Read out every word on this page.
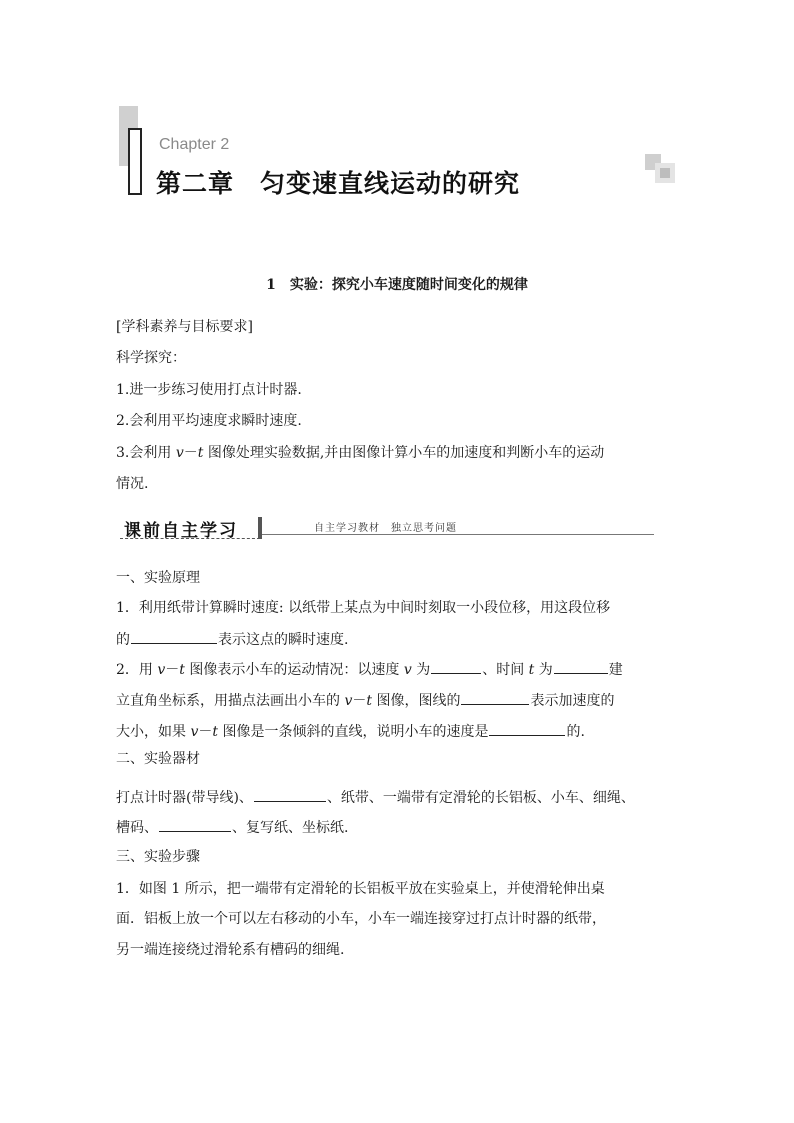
Chapter 2
第二章　匀变速直线运动的研究
1　实验：探究小车速度随时间变化的规律
[学科素养与目标要求]
科学探究：
1.进一步练习使用打点计时器.
2.会利用平均速度求瞬时速度.
3.会利用 v－t 图像处理实验数据,并由图像计算小车的加速度和判断小车的运动
情况.
课前自主学习	自主学习教材　独立思考问题
一、实验原理
1．利用纸带计算瞬时速度: 以纸带上某点为中间时刻取一小段位移，用这段位移
的	表示这点的瞬时速度.
2．用 v－t 图像表示小车的运动情况：以速度 v 为	、时间 t 为	建
立直角坐标系，用描点法画出小车的 v－t 图像，图线的	表示加速度的
大小，如果 v－t 图像是一条倾斜的直线，说明小车的速度是	的.
二、实验器材
打点计时器(带导线)、	、纸带、一端带有定滑轮的长铝板、小车、细绳、
槽码、	、复写纸、坐标纸.
三、实验步骤
1．如图 1 所示，把一端带有定滑轮的长铝板平放在实验桌上，并使滑轮伸出桌
面．铝板上放一个可以左右移动的小车，小车一端连接穿过打点计时器的纸带，
另一端连接绕过滑轮系有槽码的细绳.
